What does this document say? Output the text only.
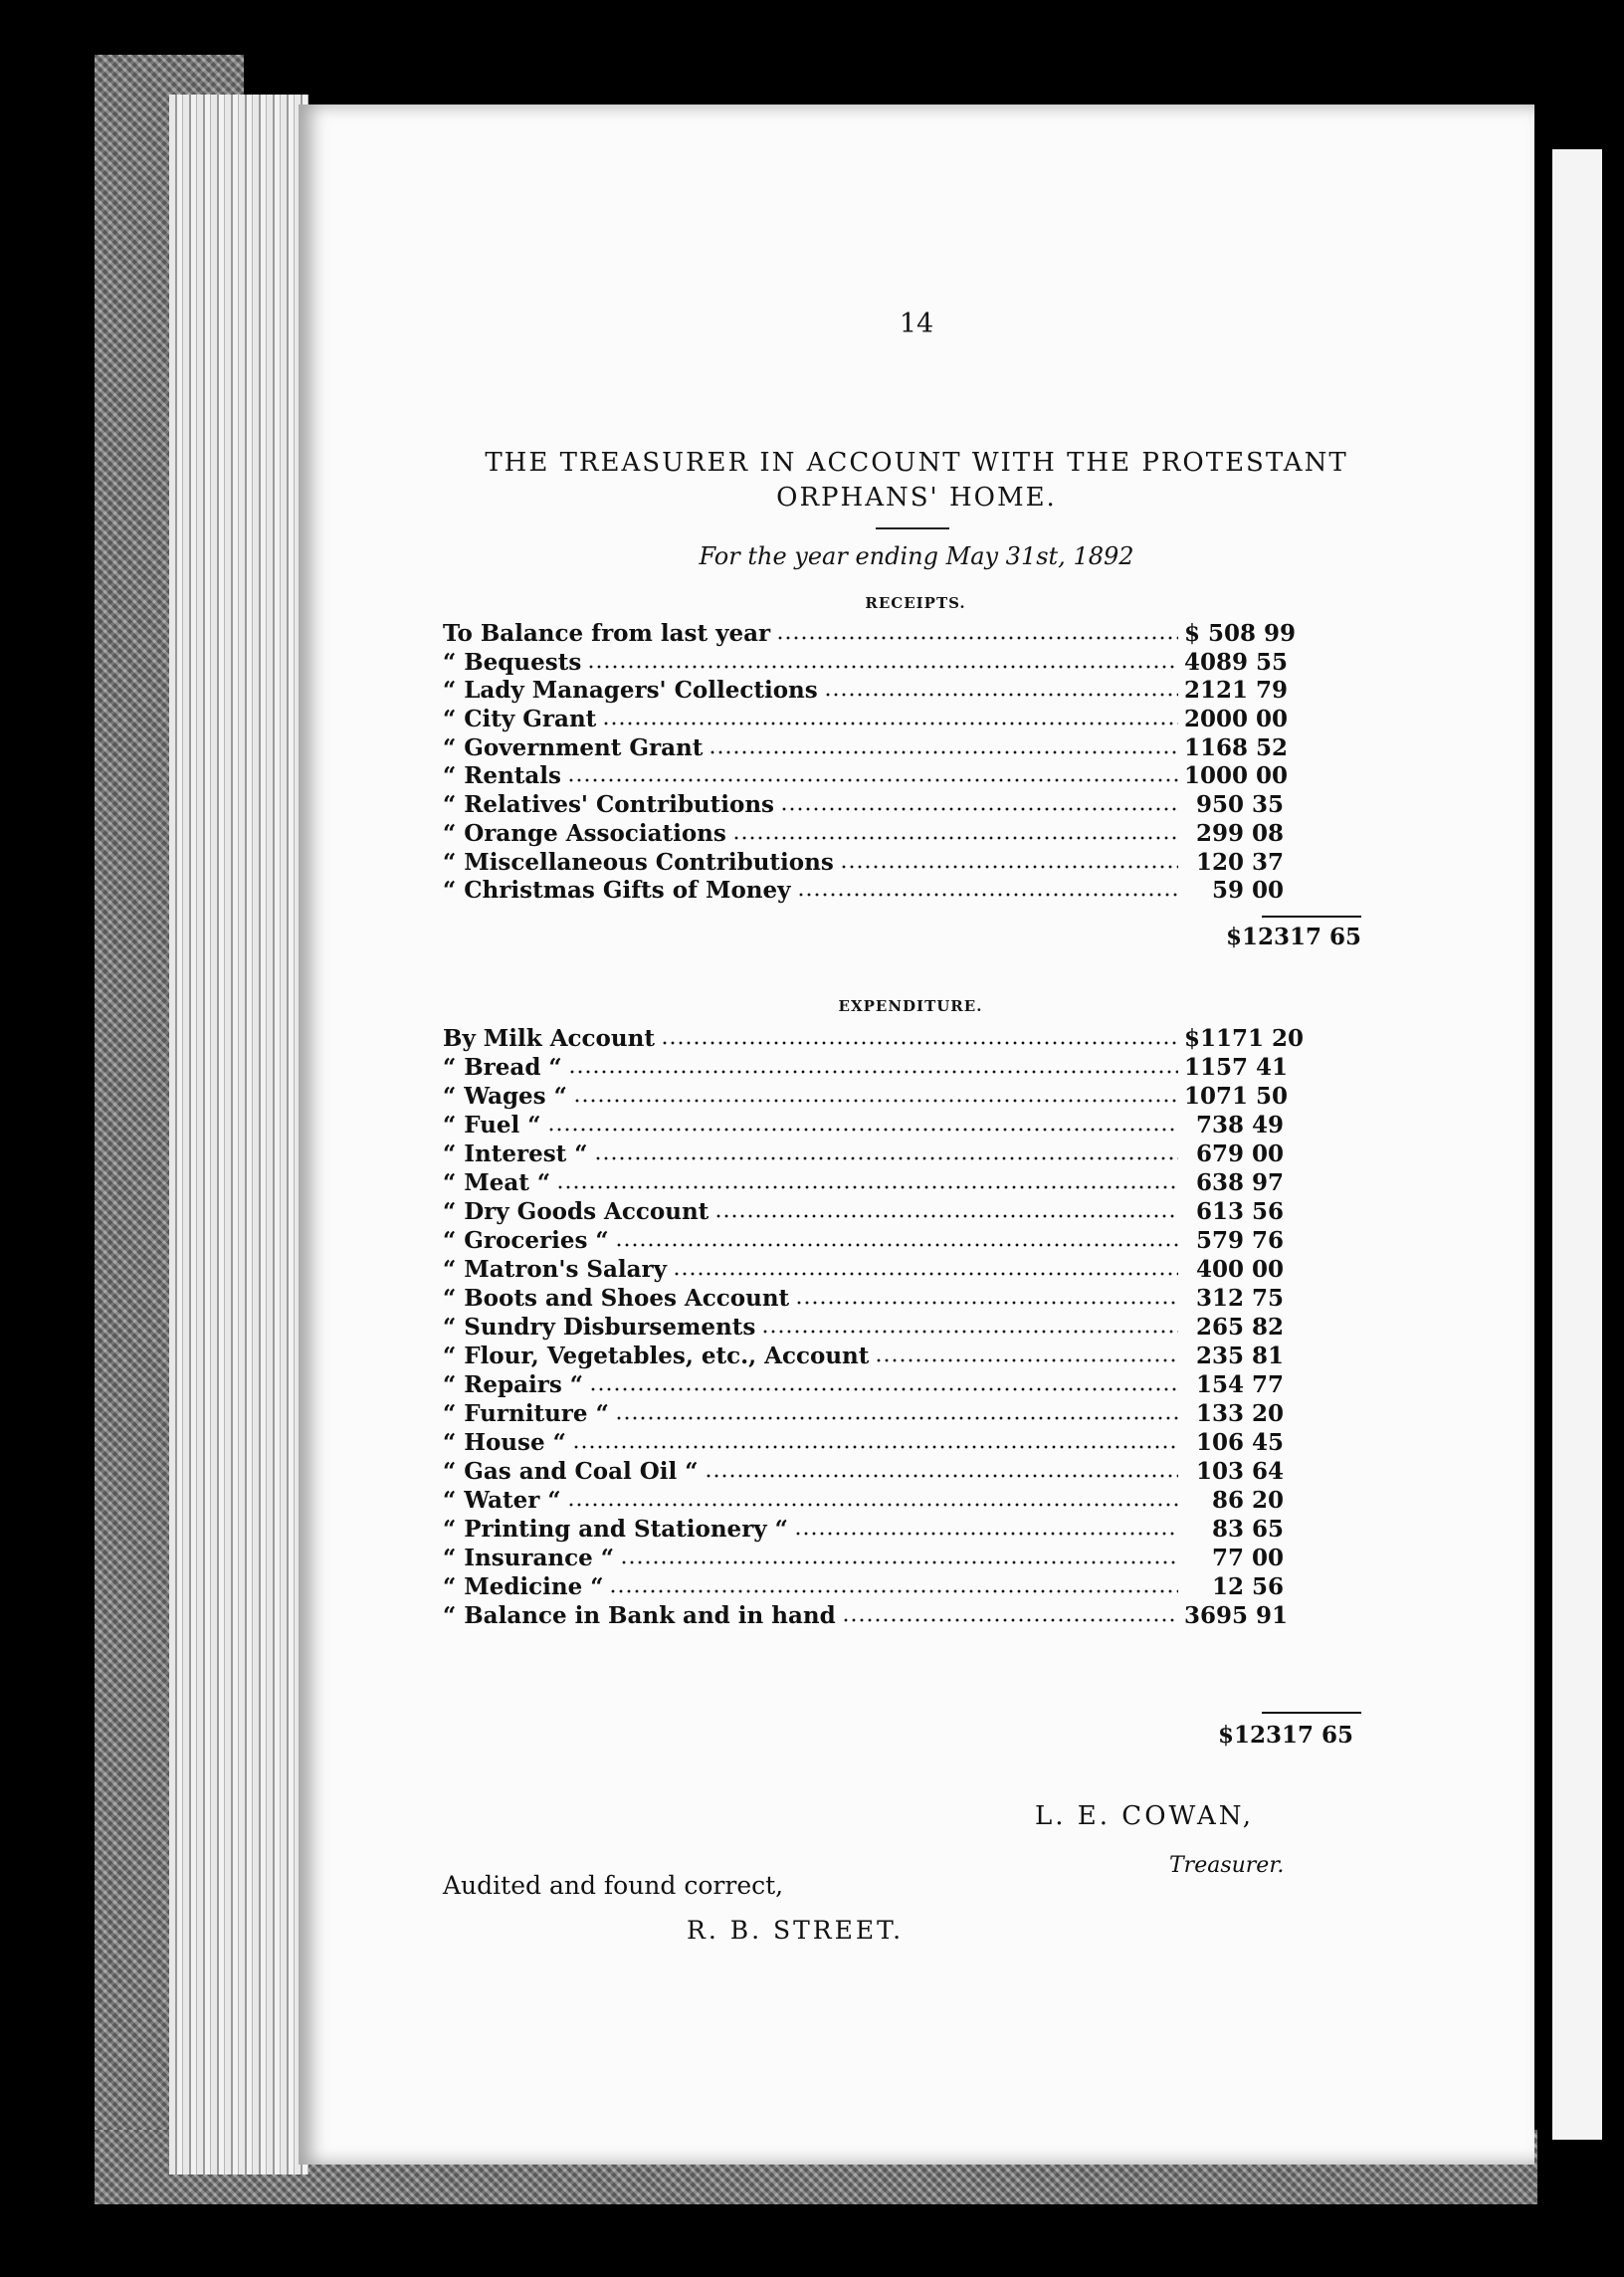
14
THE TREASURER IN ACCOUNT WITH THE PROTESTANT
ORPHANS' HOME.
For the year ending May 31st, 1892
RECEIPTS.
To Balance from last year	$ 508 99
“ Bequests	4089 55
“ Lady Managers' Collections	2121 79
“ City Grant	2000 00
“ Government Grant	1168 52
“ Rentals	1000 00
“ Relatives' Contributions	950 35
“ Orange Associations	299 08
“ Miscellaneous Contributions	120 37
“ Christmas Gifts of Money	59 00
$12317 65
EXPENDITURE.
By Milk Account	$1171 20
“ Bread “	1157 41
“ Wages “	1071 50
“ Fuel “	738 49
“ Interest “	679 00
“ Meat “	638 97
“ Dry Goods Account	613 56
“ Groceries “	579 76
“ Matron's Salary	400 00
“ Boots and Shoes Account	312 75
“ Sundry Disbursements	265 82
“ Flour, Vegetables, etc., Account	235 81
“ Repairs “	154 77
“ Furniture “	133 20
“ House “	106 45
“ Gas and Coal Oil “	103 64
“ Water “	86 20
“ Printing and Stationery “	83 65
“ Insurance “	77 00
“ Medicine “	12 56
“ Balance in Bank and in hand	3695 91
$12317 65
L. E. COWAN,
Treasurer.
Audited and found correct,
R. B. STREET.
